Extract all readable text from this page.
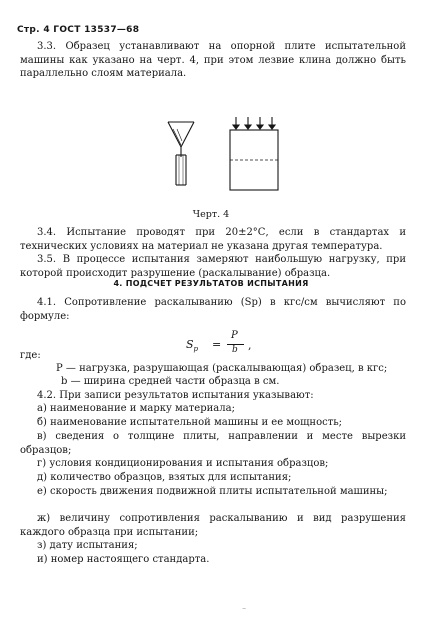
Стр. 4 ГОСТ 13537—68
3.3. Образец устанавливают на опорной плите испытательной машины как указано на черт. 4, при этом лезвие клина должно быть параллельно слоям материала.
Черт. 4
3.4. Испытание проводят при 20±2°С, если в стандартах и технических условиях на материал не указана другая температура.
3.5. В процессе испытания замеряют наибольшую нагрузку, при которой происходит разрушение (раскалывание) образца.
4. ПОДСЧЕТ РЕЗУЛЬТАТОВ ИСПЫТАНИЯ
4.1. Сопротивление раскалыванию (Sр) в кгс/см вычисляют по формуле:
$S_р$ =
P
b ,
где:
P — нагрузка, разрушающая (раскалывающая) образец, в кгс;
b — ширина средней части образца в см.
4.2. При записи результатов испытания указывают:
а) наименование и марку материала;
б) наименование испытательной машины и ее мощность;
в) сведения о толщине плиты, направлении и месте вырезки образцов;
г) условия кондиционирования и испытания образцов;
д) количество образцов, взятых для испытания;
е) скорость движения подвижной плиты испытательной машины;
ж) величину сопротивления раскалыванию и вид разрушения каждого образца при испытании;
з) дату испытания;
и) номер настоящего стандарта.
⁻
